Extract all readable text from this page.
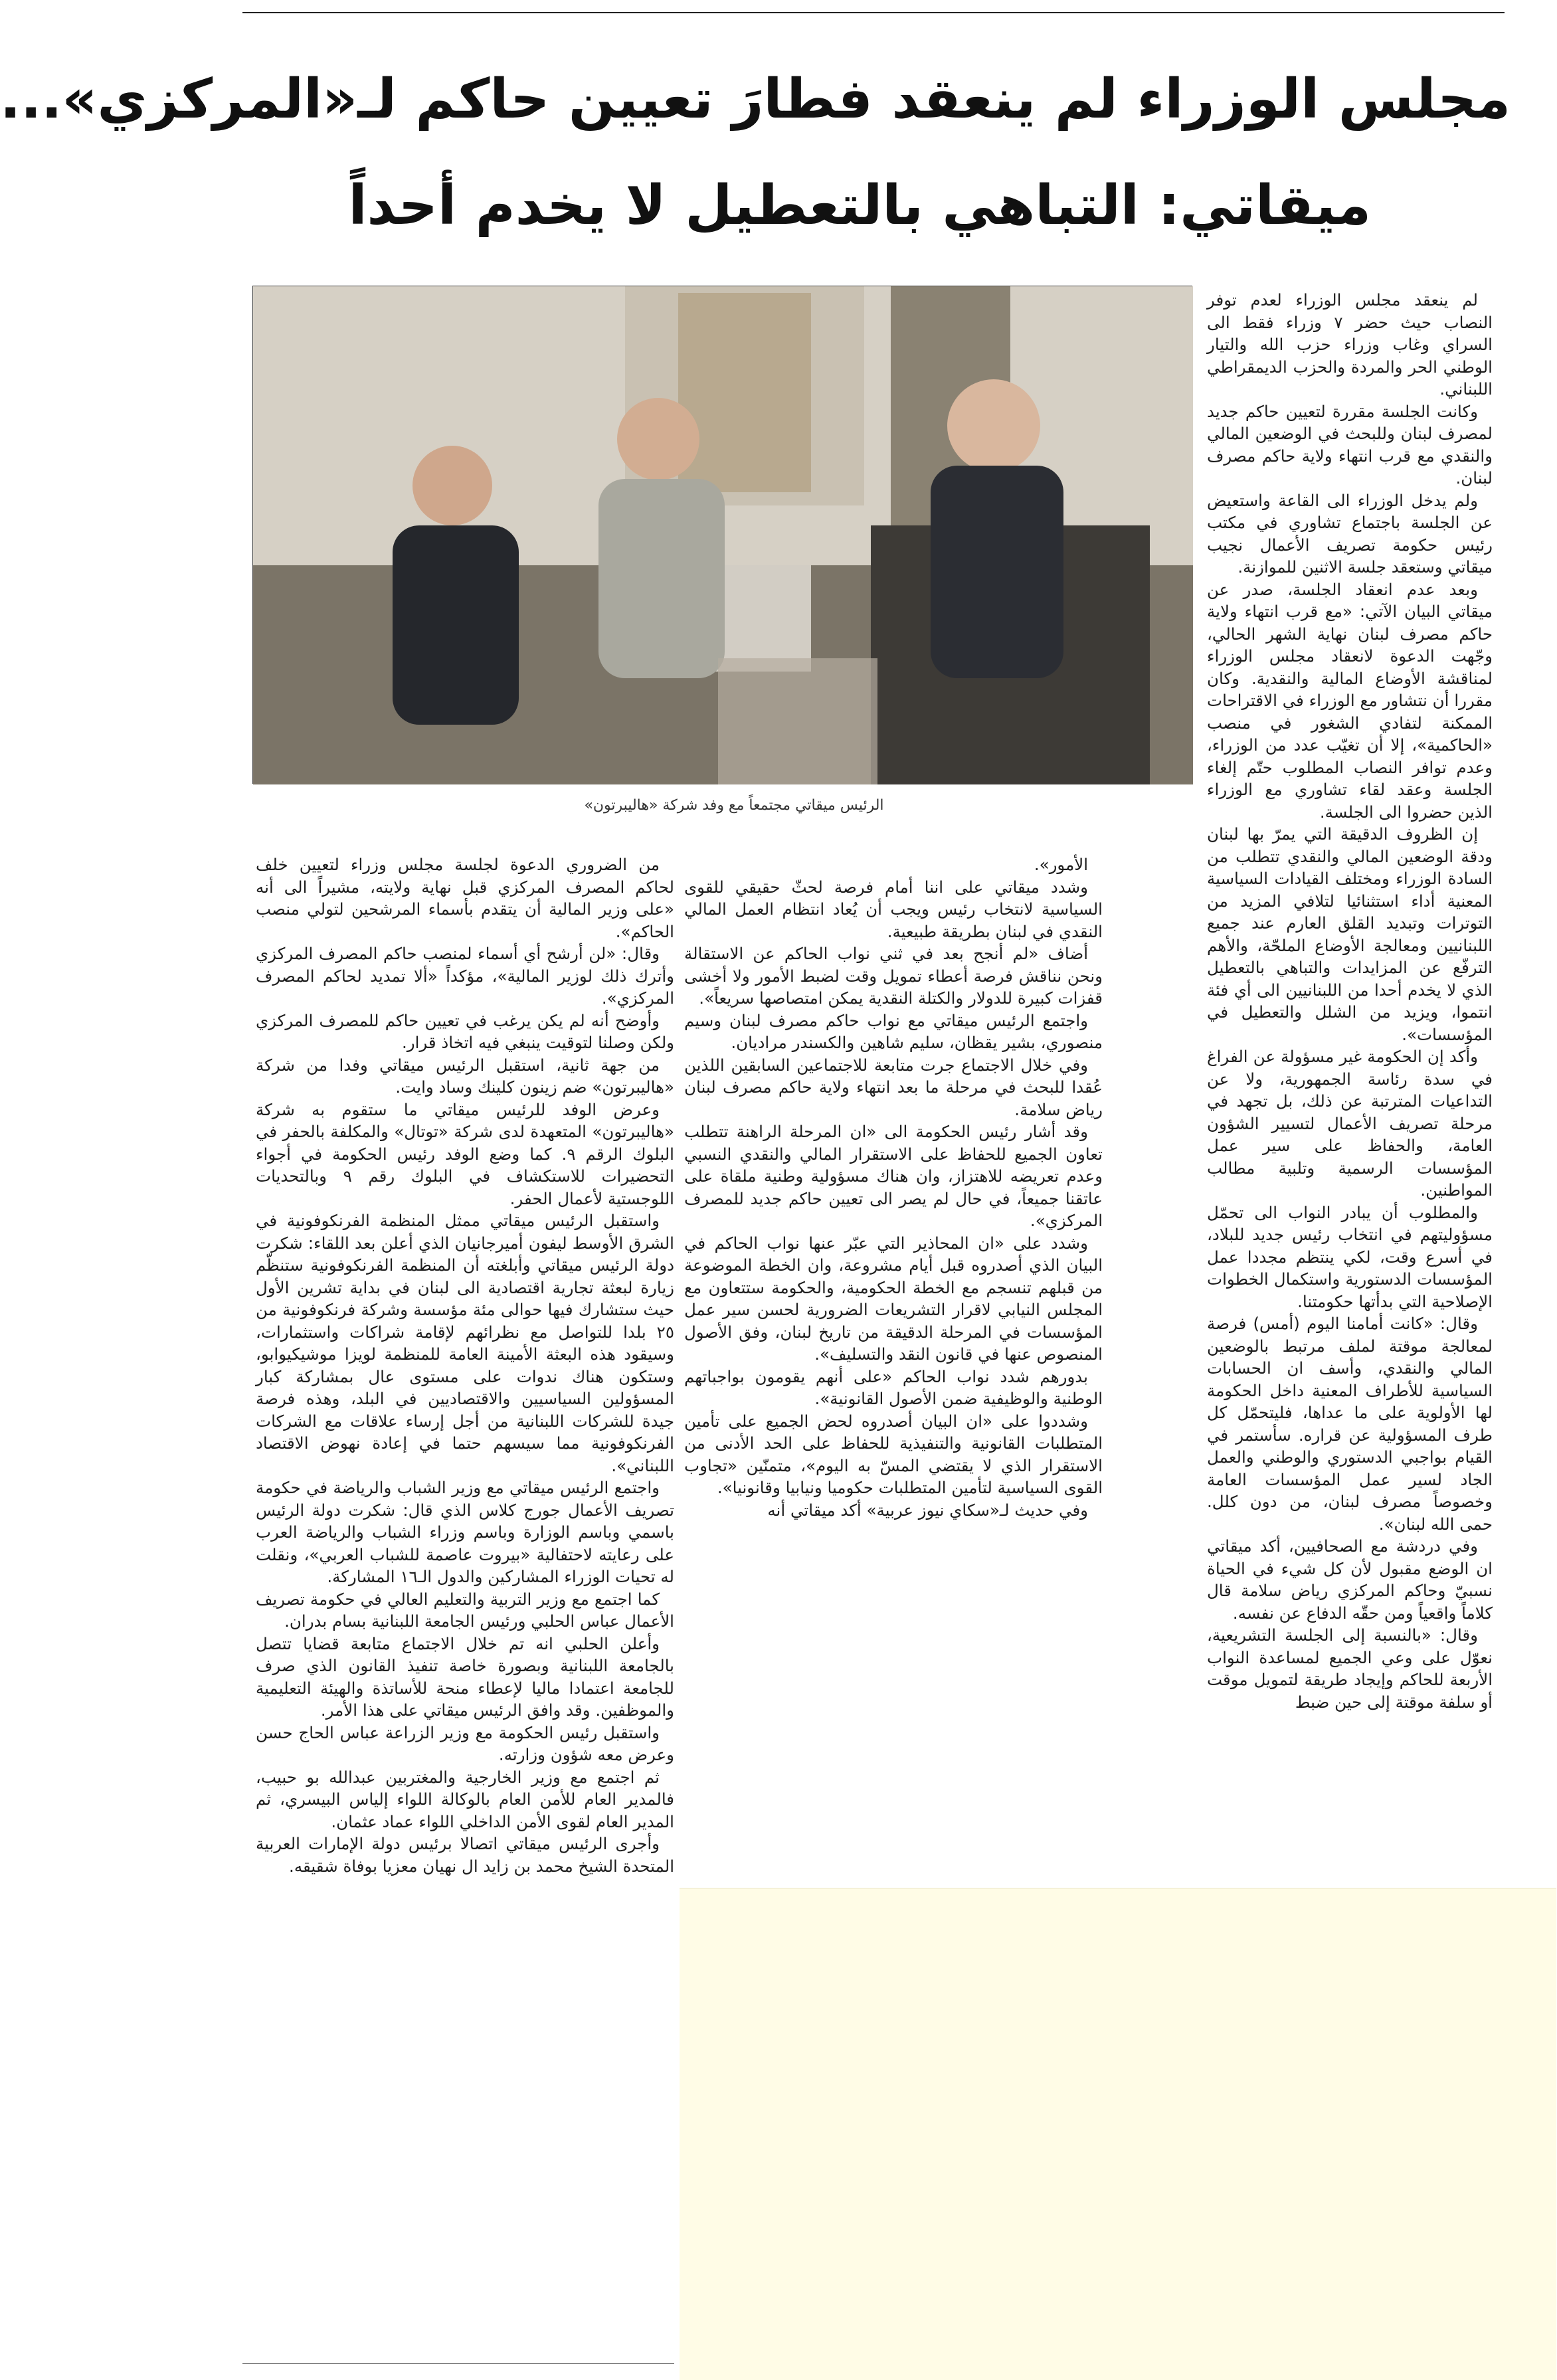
مجلس الوزراء لم ينعقد فطارَ تعيين حاكم لـ«المركزي»...
ميقاتي: التباهي بالتعطيل لا يخدم أحداً
الرئيس ميقاتي مجتمعاً مع وفد شركة «هاليبرتون»

لم ينعقد مجلس الوزراء لعدم توفر النصاب حيث حضر ٧ وزراء فقط الى السراي وغاب وزراء حزب الله والتيار الوطني الحر والمردة والحزب الديمقراطي اللبناني.

وكانت الجلسة مقررة لتعيين حاكم جديد لمصرف لبنان وللبحث في الوضعين المالي والنقدي مع قرب انتهاء ولاية حاكم مصرف لبنان.

ولم يدخل الوزراء الى القاعة واستعيض عن الجلسة باجتماع تشاوري في مكتب رئيس حكومة تصريف الأعمال نجيب ميقاتي وستعقد جلسة الاثنين للموازنة.

وبعد عدم انعقاد الجلسة، صدر عن ميقاتي البيان الآتي: «مع قرب انتهاء ولاية حاكم مصرف لبنان نهاية الشهر الحالي، وجّهت الدعوة لانعقاد مجلس الوزراء لمناقشة الأوضاع المالية والنقدية. وكان مقررا أن نتشاور مع الوزراء في الاقتراحات الممكنة لتفادي الشغور في منصب «الحاكمية»، إلا أن تغيّب عدد من الوزراء، وعدم توافر النصاب المطلوب حتّم إلغاء الجلسة وعقد لقاء تشاوري مع الوزراء الذين حضروا الى الجلسة.

إن الظروف الدقيقة التي يمرّ بها لبنان ودقة الوضعين المالي والنقدي تتطلب من السادة الوزراء ومختلف القيادات السياسية المعنية أداء استثنائيا لتلافي المزيد من التوترات وتبديد القلق العارم عند جميع اللبنانيين ومعالجة الأوضاع الملحّة، والأهم الترفّع عن المزايدات والتباهي بالتعطيل الذي لا يخدم أحدا من اللبنانيين الى أي فئة انتموا، ويزيد من الشلل والتعطيل في المؤسسات».

وأكد إن الحكومة غير مسؤولة عن الفراغ في سدة رئاسة الجمهورية، ولا عن التداعيات المترتبة عن ذلك، بل تجهد في مرحلة تصريف الأعمال لتسيير الشؤون العامة، والحفاظ على سير عمل المؤسسات الرسمية وتلبية مطالب المواطنين.

والمطلوب أن يبادر النواب الى تحمّل مسؤوليتهم في انتخاب رئيس جديد للبلاد، في أسرع وقت، لكي ينتظم مجددا عمل المؤسسات الدستورية واستكمال الخطوات الإصلاحية التي بدأتها حكومتنا.

وقال: «كانت أمامنا اليوم (أمس) فرصة لمعالجة موقتة لملف مرتبط بالوضعين المالي والنقدي، وأسف ان الحسابات السياسية للأطراف المعنية داخل الحكومة لها الأولوية على ما عداها، فليتحمّل كل طرف المسؤولية عن قراره. سأستمر في القيام بواجبي الدستوري والوطني والعمل الجاد لسير عمل المؤسسات العامة وخصوصاً مصرف لبنان، من دون كلل. حمى الله لبنان».

وفي دردشة مع الصحافيين، أكد ميقاتي ان الوضع مقبول لأن كل شيء في الحياة نسبيّ وحاكم المركزي رياض سلامة قال كلاماً واقعياً ومن حقّه الدفاع عن نفسه.

وقال: «بالنسبة إلى الجلسة التشريعية، نعوّل على وعي الجميع لمساعدة النواب الأربعة للحاكم وإيجاد طريقة لتمويل موقت أو سلفة موقتة إلى حين ضبط

الأمور».

وشدد ميقاتي على اننا أمام فرصة لحثّ حقيقي للقوى السياسية لانتخاب رئيس ويجب أن يُعاد انتظام العمل المالي النقدي في لبنان بطريقة طبيعية.

أضاف «لم أنجح بعد في ثني نواب الحاكم عن الاستقالة ونحن نناقش فرصة أعطاء تمويل وقت لضبط الأمور ولا أخشى قفزات كبيرة للدولار والكتلة النقدية يمكن امتصاصها سريعاً».

واجتمع الرئيس ميقاتي مع نواب حاكم مصرف لبنان وسيم منصوري، بشير يقظان، سليم شاهين والكسندر مراديان.

وفي خلال الاجتماع جرت متابعة للاجتماعين السابقين اللذين عُقدا للبحث في مرحلة ما بعد انتهاء ولاية حاكم مصرف لبنان رياض سلامة.

وقد أشار رئيس الحكومة الى «ان المرحلة الراهنة تتطلب تعاون الجميع للحفاظ على الاستقرار المالي والنقدي النسبي وعدم تعريضه للاهتزاز، وان هناك مسؤولية وطنية ملقاة على عاتقنا جميعاً، في حال لم يصر الى تعيين حاكم جديد للمصرف المركزي».

وشدد على «ان المحاذير التي عبّر عنها نواب الحاكم في البيان الذي أصدروه قبل أيام مشروعة، وان الخطة الموضوعة من قبلهم تنسجم مع الخطة الحكومية، والحكومة ستتعاون مع المجلس النيابي لاقرار التشريعات الضرورية لحسن سير عمل المؤسسات في المرحلة الدقيقة من تاريخ لبنان، وفق الأصول المنصوص عنها في قانون النقد والتسليف».

بدورهم شدد نواب الحاكم «على أنهم يقومون بواجباتهم الوطنية والوظيفية ضمن الأصول القانونية».

وشددوا على «ان البيان أصدروه لحض الجميع على تأمين المتطلبات القانونية والتنفيذية للحفاظ على الحد الأدنى من الاستقرار الذي لا يقتضي المسّ به اليوم»، متمنّين «تجاوب القوى السياسية لتأمين المتطلبات حكوميا ونيابيا وقانونيا».

وفي حديث لـ«سكاي نيوز عربية» أكد ميقاتي أنه

من الضروري الدعوة لجلسة مجلس وزراء لتعيين خلف لحاكم المصرف المركزي قبل نهاية ولايته، مشيراً الى أنه «على وزير المالية أن يتقدم بأسماء المرشحين لتولي منصب الحاكم».

وقال: «لن أرشح أي أسماء لمنصب حاكم المصرف المركزي وأترك ذلك لوزير المالية»، مؤكداً «ألا تمديد لحاكم المصرف المركزي».

وأوضح أنه لم يكن يرغب في تعيين حاكم للمصرف المركزي ولكن وصلنا لتوقيت ينبغي فيه اتخاذ قرار.

من جهة ثانية، استقبل الرئيس ميقاتي وفدا من شركة «هاليبرتون» ضم زينون كلينك وساد وايت.

وعرض الوفد للرئيس ميقاتي ما ستقوم به شركة «هاليبرتون» المتعهدة لدى شركة «توتال» والمكلفة بالحفر في البلوك الرقم ٩. كما وضع الوفد رئيس الحكومة في أجواء التحضيرات للاستكشاف في البلوك رقم ٩ وبالتحديات اللوجستية لأعمال الحفر.

واستقبل الرئيس ميقاتي ممثل المنظمة الفرنكوفونية في الشرق الأوسط ليفون أميرجانيان الذي أعلن بعد اللقاء: شكرت دولة الرئيس ميقاتي وأبلغته أن المنظمة الفرنكوفونية ستنظّم زيارة لبعثة تجارية اقتصادية الى لبنان في بداية تشرين الأول حيث ستشارك فيها حوالى مئة مؤسسة وشركة فرنكوفونية من ٢٥ بلدا للتواصل مع نظرائهم لإقامة شراكات واستثمارات، وسيقود هذه البعثة الأمينة العامة للمنظمة لويزا موشيكيوابو، وستكون هناك ندوات على مستوى عال بمشاركة كبار المسؤولين السياسيين والاقتصاديين في البلد، وهذه فرصة جيدة للشركات اللبنانية من أجل إرساء علاقات مع الشركات الفرنكوفونية مما سيسهم حتما في إعادة نهوض الاقتصاد اللبناني».

واجتمع الرئيس ميقاتي مع وزير الشباب والرياضة في حكومة تصريف الأعمال جورج كلاس الذي قال: شكرت دولة الرئيس باسمي وباسم الوزارة وباسم وزراء الشباب والرياضة العرب على رعايته لاحتفالية «بيروت عاصمة للشباب العربي»، ونقلت له تحيات الوزراء المشاركين والدول الـ١٦ المشاركة.

كما اجتمع مع وزير التربية والتعليم العالي في حكومة تصريف الأعمال عباس الحلبي ورئيس الجامعة اللبنانية بسام بدران.

وأعلن الحلبي انه تم خلال الاجتماع متابعة قضايا تتصل بالجامعة اللبنانية وبصورة خاصة تنفيذ القانون الذي صرف للجامعة اعتمادا ماليا لإعطاء منحة للأساتذة والهيئة التعليمية والموظفين. وقد وافق الرئيس ميقاتي على هذا الأمر.

واستقبل رئيس الحكومة مع وزير الزراعة عباس الحاج حسن وعرض معه شؤون وزارته.

ثم اجتمع مع وزير الخارجية والمغتربين عبدالله بو حبيب، فالمدير العام للأمن العام بالوكالة اللواء إلياس البيسري، ثم المدير العام لقوى الأمن الداخلي اللواء عماد عثمان.

وأجرى الرئيس ميقاتي اتصالا برئيس دولة الإمارات العربية المتحدة الشيخ محمد بن زايد ال نهيان معزيا بوفاة شقيقه.
